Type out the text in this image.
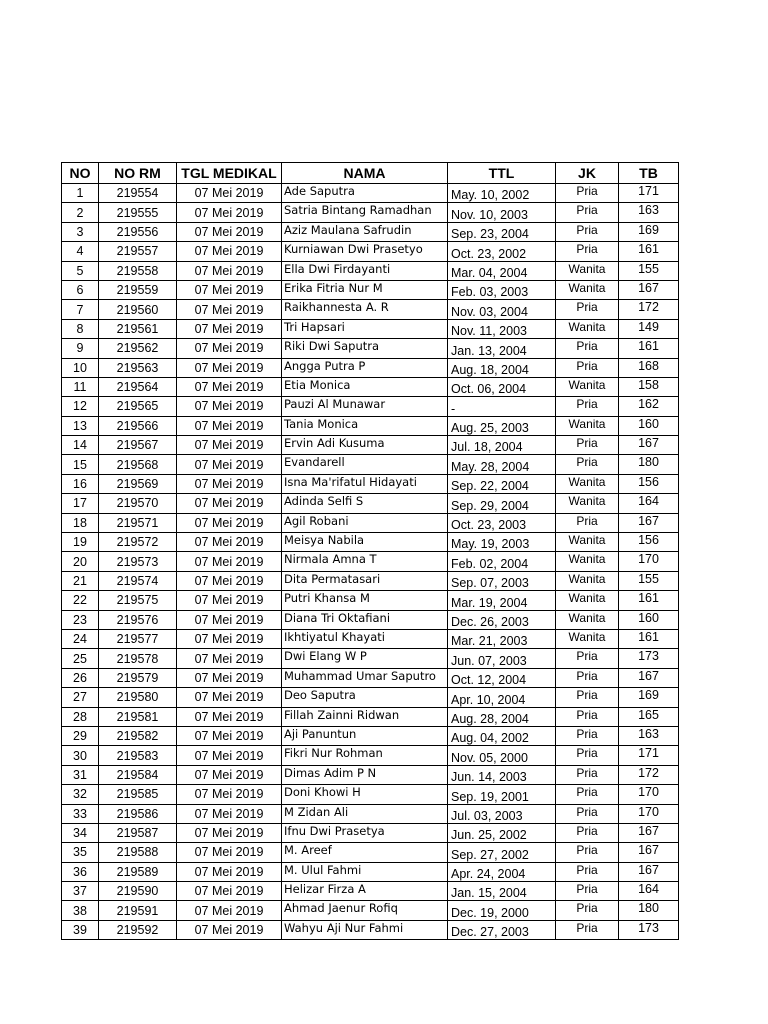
NO	NO RM	TGL MEDIKAL	NAMA	TTL	JK	TB
1	219554	07 Mei 2019	Ade Saputra	May. 10, 2002	Pria	171
2	219555	07 Mei 2019	Satria Bintang Ramadhan	Nov. 10, 2003	Pria	163
3	219556	07 Mei 2019	Aziz Maulana Safrudin	Sep. 23, 2004	Pria	169
4	219557	07 Mei 2019	Kurniawan Dwi Prasetyo	Oct. 23, 2002	Pria	161
5	219558	07 Mei 2019	Ella Dwi Firdayanti	Mar. 04, 2004	Wanita	155
6	219559	07 Mei 2019	Erika Fitria Nur M	Feb. 03, 2003	Wanita	167
7	219560	07 Mei 2019	Raikhannesta A. R	Nov. 03, 2004	Pria	172
8	219561	07 Mei 2019	Tri Hapsari	Nov. 11, 2003	Wanita	149
9	219562	07 Mei 2019	Riki Dwi Saputra	Jan. 13, 2004	Pria	161
10	219563	07 Mei 2019	Angga Putra P	Aug. 18, 2004	Pria	168
11	219564	07 Mei 2019	Etia Monica	Oct. 06, 2004	Wanita	158
12	219565	07 Mei 2019	Pauzi Al Munawar	-	Pria	162
13	219566	07 Mei 2019	Tania Monica	Aug. 25, 2003	Wanita	160
14	219567	07 Mei 2019	Ervin Adi Kusuma	Jul. 18, 2004	Pria	167
15	219568	07 Mei 2019	Evandarell	May. 28, 2004	Pria	180
16	219569	07 Mei 2019	Isna Ma'rifatul Hidayati	Sep. 22, 2004	Wanita	156
17	219570	07 Mei 2019	Adinda Selfi S	Sep. 29, 2004	Wanita	164
18	219571	07 Mei 2019	Agil Robani	Oct. 23, 2003	Pria	167
19	219572	07 Mei 2019	Meisya Nabila	May. 19, 2003	Wanita	156
20	219573	07 Mei 2019	Nirmala Amna T	Feb. 02, 2004	Wanita	170
21	219574	07 Mei 2019	Dita Permatasari	Sep. 07, 2003	Wanita	155
22	219575	07 Mei 2019	Putri Khansa M	Mar. 19, 2004	Wanita	161
23	219576	07 Mei 2019	Diana Tri Oktafiani	Dec. 26, 2003	Wanita	160
24	219577	07 Mei 2019	Ikhtiyatul Khayati	Mar. 21, 2003	Wanita	161
25	219578	07 Mei 2019	Dwi Elang W P	Jun. 07, 2003	Pria	173
26	219579	07 Mei 2019	Muhammad Umar Saputro	Oct. 12, 2004	Pria	167
27	219580	07 Mei 2019	Deo Saputra	Apr. 10, 2004	Pria	169
28	219581	07 Mei 2019	Fillah Zainni Ridwan	Aug. 28, 2004	Pria	165
29	219582	07 Mei 2019	Aji Panuntun	Aug. 04, 2002	Pria	163
30	219583	07 Mei 2019	Fikri Nur Rohman	Nov. 05, 2000	Pria	171
31	219584	07 Mei 2019	Dimas Adim P N	Jun. 14, 2003	Pria	172
32	219585	07 Mei 2019	Doni Khowi H	Sep. 19, 2001	Pria	170
33	219586	07 Mei 2019	M Zidan Ali	Jul. 03, 2003	Pria	170
34	219587	07 Mei 2019	Ifnu Dwi Prasetya	Jun. 25, 2002	Pria	167
35	219588	07 Mei 2019	M. Areef	Sep. 27, 2002	Pria	167
36	219589	07 Mei 2019	M. Ulul Fahmi	Apr. 24, 2004	Pria	167
37	219590	07 Mei 2019	Helizar Firza A	Jan. 15, 2004	Pria	164
38	219591	07 Mei 2019	Ahmad Jaenur Rofiq	Dec. 19, 2000	Pria	180
39	219592	07 Mei 2019	Wahyu Aji Nur Fahmi	Dec. 27, 2003	Pria	173
